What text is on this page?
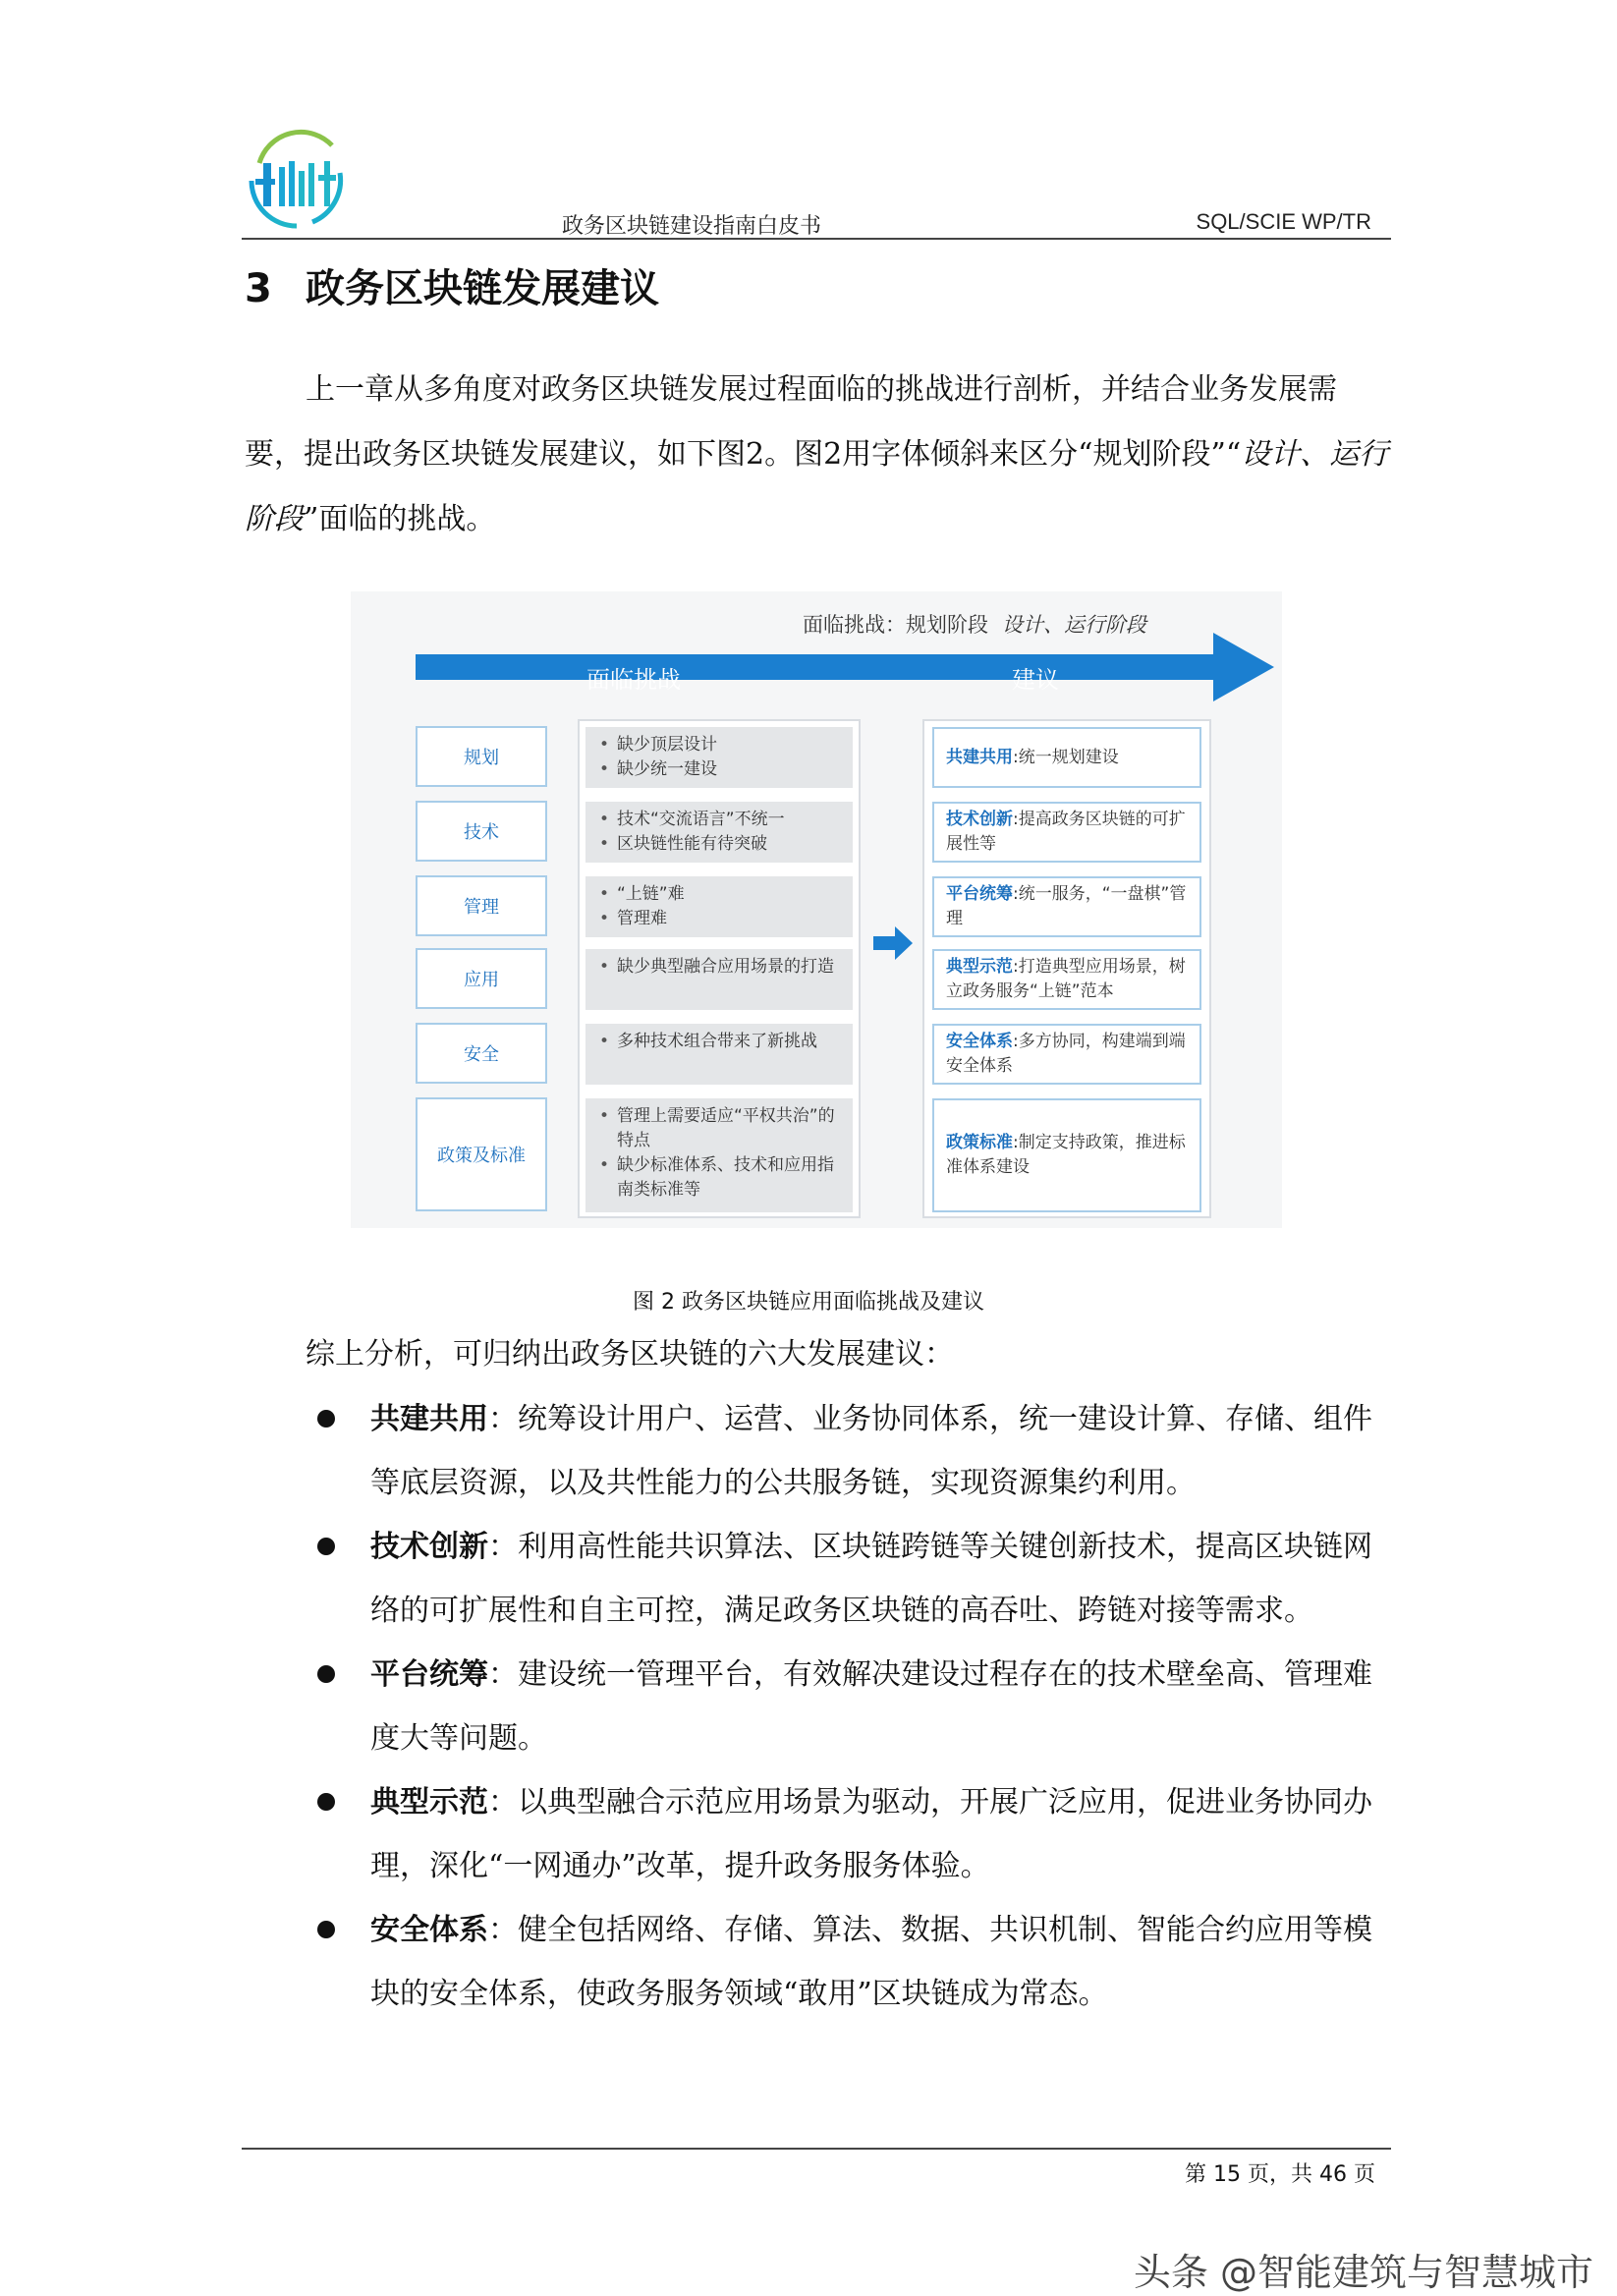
政务区块链建设指南白皮书	SQL/SCIE WP/TR
3 政务区块链发展建议
上一章从多角度对政务区块链发展过程面临的挑战进行剖析，并结合业务发展需要，提出政务区块链发展建议，如下图2。图2用字体倾斜来区分“规划阶段”“设计、运行阶段”面临的挑战。
面临挑战：规划阶段 设计、运行阶段
面临挑战	建议
规划
技术
管理
应用
安全
政策及标准
• 缺少顶层设计
• 缺少统一建设
• 技术“交流语言”不统一
• 区块链性能有待突破
• “上链”难
• 管理难
• 缺少典型融合应用场景的打造
• 多种技术组合带来了新挑战
• 管理上需要适应“平权共治”的特点
• 缺少标准体系、技术和应用指南类标准等
共建共用:统一规划建设
技术创新:提高政务区块链的可扩展性等
平台统筹:统一服务，“一盘棋”管理
典型示范:打造典型应用场景，树立政务服务“上链”范本
安全体系:多方协同，构建端到端安全体系
政策标准:制定支持政策，推进标准体系建设
图 2 政务区块链应用面临挑战及建议
综上分析，可归纳出政务区块链的六大发展建议：
共建共用：统筹设计用户、运营、业务协同体系，统一建设计算、存储、组件等底层资源，以及共性能力的公共服务链，实现资源集约利用。
技术创新：利用高性能共识算法、区块链跨链等关键创新技术，提高区块链网络的可扩展性和自主可控，满足政务区块链的高吞吐、跨链对接等需求。
平台统筹：建设统一管理平台，有效解决建设过程存在的技术壁垒高、管理难度大等问题。
典型示范：以典型融合示范应用场景为驱动，开展广泛应用，促进业务协同办理，深化“一网通办”改革，提升政务服务体验。
安全体系：健全包括网络、存储、算法、数据、共识机制、智能合约应用等模块的安全体系，使政务服务领域“敢用”区块链成为常态。
第 15 页，共 46 页
头条 @智能建筑与智慧城市
